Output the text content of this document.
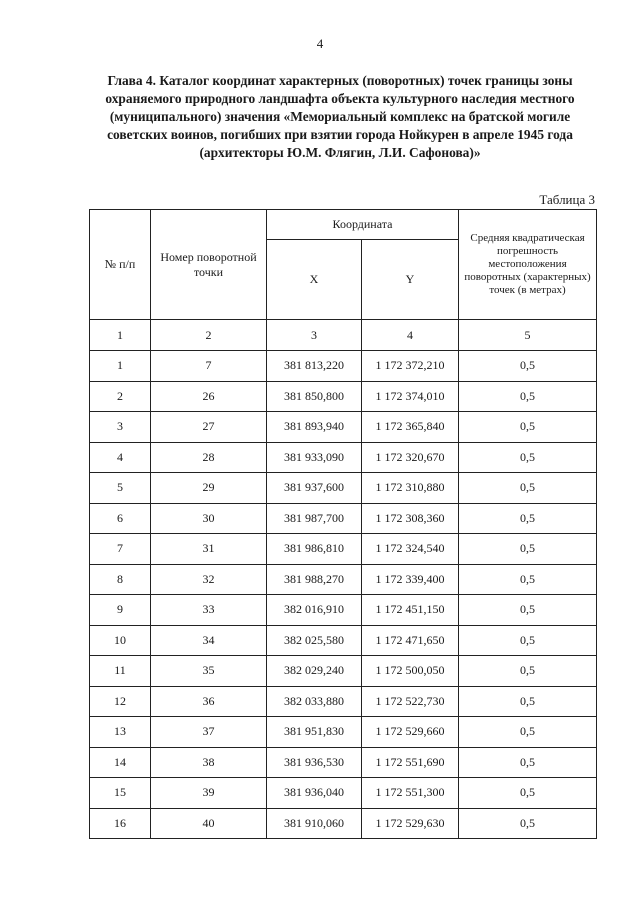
4
Глава 4. Каталог координат характерных (поворотных) точек границы зоны охраняемого природного ландшафта объекта культурного наследия местного (муниципального) значения «Мемориальный комплекс на братской могиле советских воинов, погибших при взятии города Нойкурен в апреле 1945 года (архитекторы Ю.М. Флягин, Л.И. Сафонова)»
Таблица 3
№ п/п	Номер поворотной точки	Координата		Средняя квадратическая погрешность местоположения поворотных (характерных) точек (в метрах)
		X	Y	
1	2	3	4	5
1	7	381 813,220	1 172 372,210	0,5
2	26	381 850,800	1 172 374,010	0,5
3	27	381 893,940	1 172 365,840	0,5
4	28	381 933,090	1 172 320,670	0,5
5	29	381 937,600	1 172 310,880	0,5
6	30	381 987,700	1 172 308,360	0,5
7	31	381 986,810	1 172 324,540	0,5
8	32	381 988,270	1 172 339,400	0,5
9	33	382 016,910	1 172 451,150	0,5
10	34	382 025,580	1 172 471,650	0,5
11	35	382 029,240	1 172 500,050	0,5
12	36	382 033,880	1 172 522,730	0,5
13	37	381 951,830	1 172 529,660	0,5
14	38	381 936,530	1 172 551,690	0,5
15	39	381 936,040	1 172 551,300	0,5
16	40	381 910,060	1 172 529,630	0,5
